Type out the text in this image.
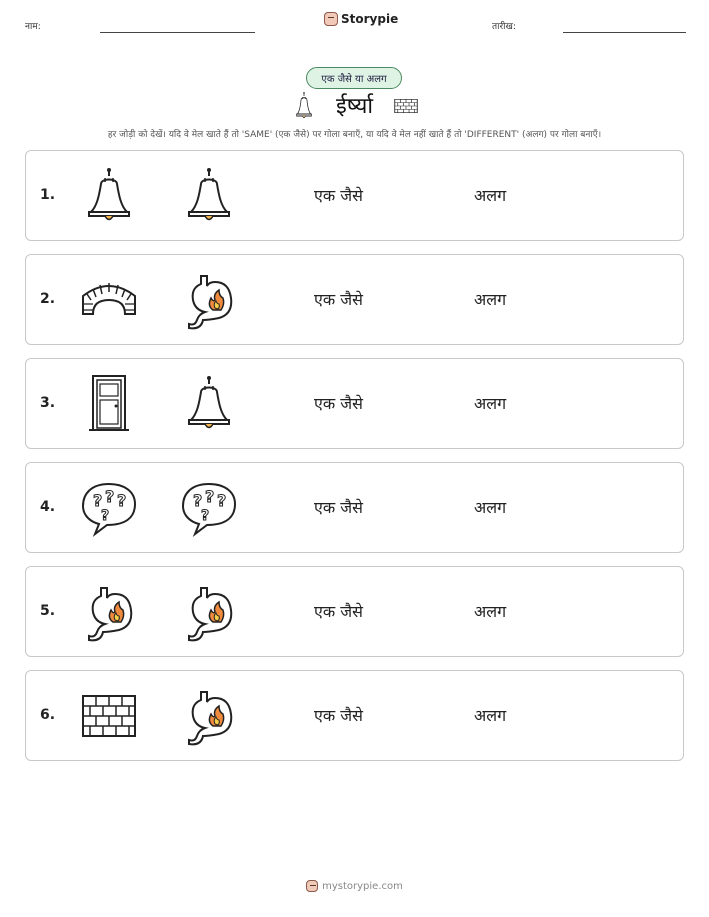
नाम:
Storypie
तारीख:
एक जैसे या अलग
ईर्ष्या
हर जोड़ी को देखें। यदि वे मेल खाते हैं तो 'SAME' (एक जैसे) पर गोला बनाएँ, या यदि वे मेल नहीं खाते हैं तो 'DIFFERENT' (अलग) पर गोला बनाएँ।
1.	एक जैसे	अलग
2.	एक जैसे	अलग
3.	एक जैसे	अलग
4.	एक जैसे	अलग
5.	एक जैसे	अलग
6.	एक जैसे	अलग
mystorypie.com
